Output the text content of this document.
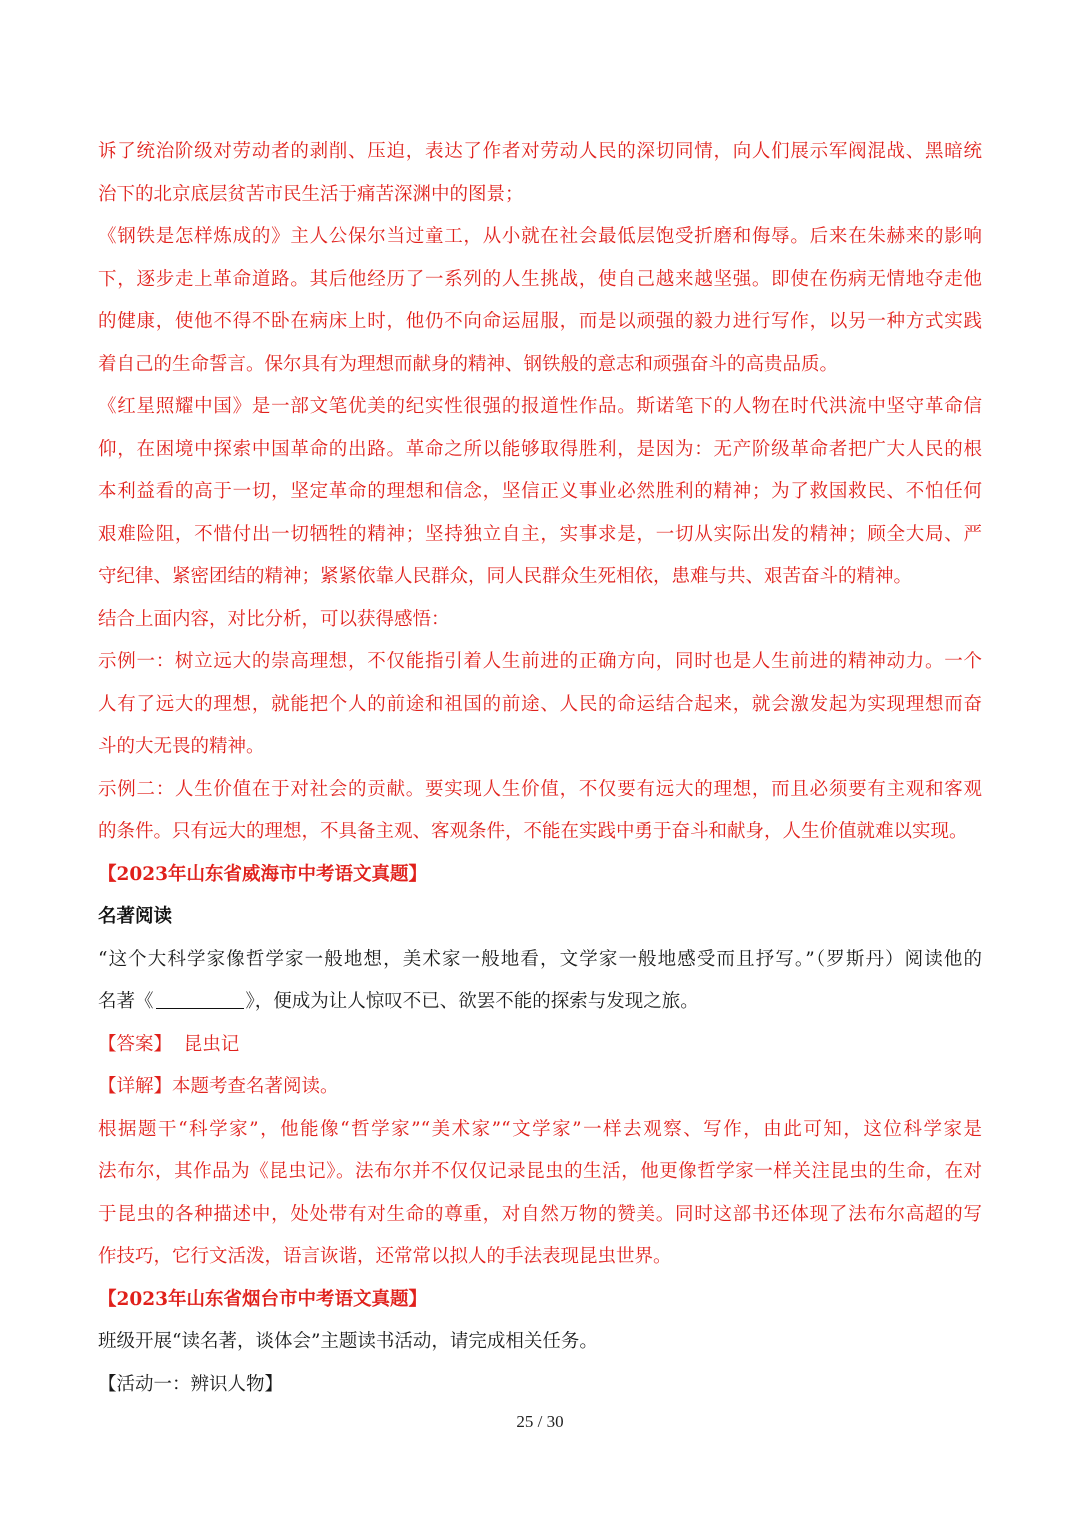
诉了统治阶级对劳动者的剥削、压迫，表达了作者对劳动人民的深切同情，向人们展示军阀混战、黑暗统
治下的北京底层贫苦市民生活于痛苦深渊中的图景；
《钢铁是怎样炼成的》主人公保尔当过童工，从小就在社会最低层饱受折磨和侮辱。后来在朱赫来的影响
下，逐步走上革命道路。其后他经历了一系列的人生挑战，使自己越来越坚强。即使在伤病无情地夺走他
的健康，使他不得不卧在病床上时，他仍不向命运屈服，而是以顽强的毅力进行写作，以另一种方式实践
着自己的生命誓言。保尔具有为理想而献身的精神、钢铁般的意志和顽强奋斗的高贵品质。
《红星照耀中国》是一部文笔优美的纪实性很强的报道性作品。斯诺笔下的人物在时代洪流中坚守革命信
仰，在困境中探索中国革命的出路。革命之所以能够取得胜利，是因为：无产阶级革命者把广大人民的根
本利益看的高于一切，坚定革命的理想和信念，坚信正义事业必然胜利的精神；为了救国救民、不怕任何
艰难险阻，不惜付出一切牺牲的精神；坚持独立自主，实事求是，一切从实际出发的精神；顾全大局、严
守纪律、紧密团结的精神；紧紧依靠人民群众，同人民群众生死相依，患难与共、艰苦奋斗的精神。
结合上面内容，对比分析，可以获得感悟：
示例一：树立远大的崇高理想，不仅能指引着人生前进的正确方向，同时也是人生前进的精神动力。一个
人有了远大的理想，就能把个人的前途和祖国的前途、人民的命运结合起来，就会激发起为实现理想而奋
斗的大无畏的精神。
示例二：人生价值在于对社会的贡献。要实现人生价值，不仅要有远大的理想，而且必须要有主观和客观
的条件。只有远大的理想，不具备主观、客观条件，不能在实践中勇于奋斗和献身，人生价值就难以实现。
【2023年山东省威海市中考语文真题】
名著阅读
“这个大科学家像哲学家一般地想，美术家一般地看，文学家一般地感受而且抒写。”（罗斯丹）阅读他的
名著《	》，便成为让人惊叹不已、欲罢不能的探索与发现之旅。
【答案】 昆虫记
【详解】本题考查名著阅读。
根据题干“科学家”，他能像“哲学家”“美术家”“文学家”一样去观察、写作，由此可知，这位科学家是
法布尔，其作品为《昆虫记》。法布尔并不仅仅记录昆虫的生活，他更像哲学家一样关注昆虫的生命，在对
于昆虫的各种描述中，处处带有对生命的尊重，对自然万物的赞美。同时这部书还体现了法布尔高超的写
作技巧，它行文活泼，语言诙谐，还常常以拟人的手法表现昆虫世界。
【2023年山东省烟台市中考语文真题】
班级开展“读名著，谈体会”主题读书活动，请完成相关任务。
【活动一：辨识人物】
25 / 30
